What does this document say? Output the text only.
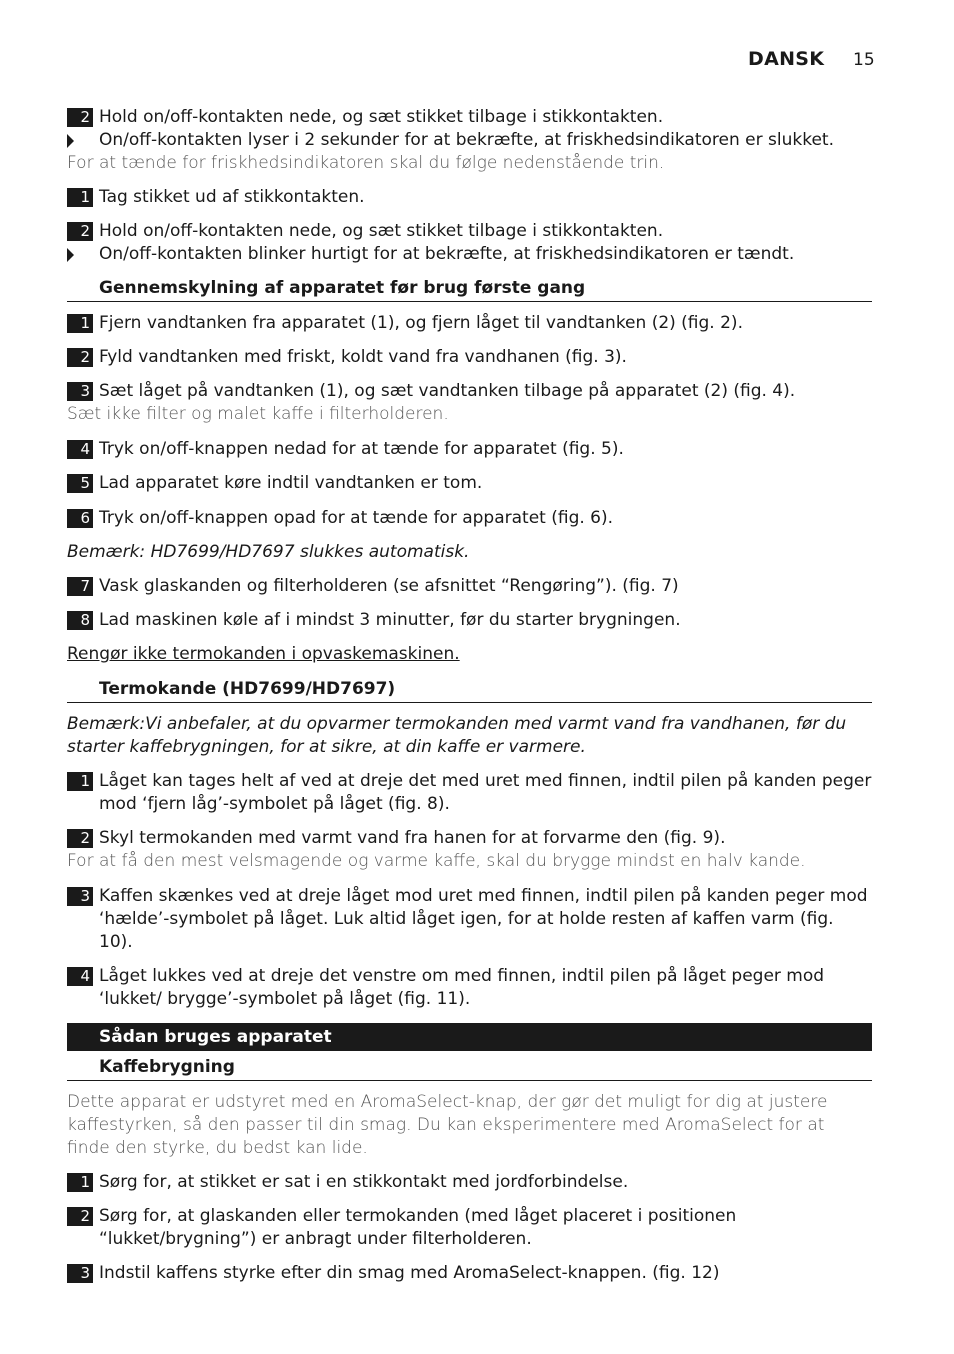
DANSK 15
2 Hold on/off-kontakten nede, og sæt stikket tilbage i stikkontakten.
On/off-kontakten lyser i 2 sekunder for at bekræfte, at friskhedsindikatoren er slukket.
For at tænde for friskhedsindikatoren skal du følge nedenstående trin.
1 Tag stikket ud af stikkontakten.
2 Hold on/off-kontakten nede, og sæt stikket tilbage i stikkontakten.
On/off-kontakten blinker hurtigt for at bekræfte, at friskhedsindikatoren er tændt.
Gennemskylning af apparatet før brug første gang
1 Fjern vandtanken fra apparatet (1), og fjern låget til vandtanken (2) (fig. 2).
2 Fyld vandtanken med friskt, koldt vand fra vandhanen (fig. 3).
3 Sæt låget på vandtanken (1), og sæt vandtanken tilbage på apparatet (2) (fig. 4).
Sæt ikke filter og malet kaffe i filterholderen.
4 Tryk on/off-knappen nedad for at tænde for apparatet (fig. 5).
5 Lad apparatet køre indtil vandtanken er tom.
6 Tryk on/off-knappen opad for at tænde for apparatet (fig. 6).
Bemærk: HD7699/HD7697 slukkes automatisk.
7 Vask glaskanden og filterholderen (se afsnittet “Rengøring”). (fig. 7)
8 Lad maskinen køle af i mindst 3 minutter, før du starter brygningen.
Rengør ikke termokanden i opvaskemaskinen.
Termokande (HD7699/HD7697)
Bemærk:Vi anbefaler, at du opvarmer termokanden med varmt vand fra vandhanen, før du starter kaffebrygningen, for at sikre, at din kaffe er varmere.
1 Låget kan tages helt af ved at dreje det med uret med finnen, indtil pilen på kanden peger mod ‘fjern låg’-symbolet på låget (fig. 8).
2 Skyl termokanden med varmt vand fra hanen for at forvarme den (fig. 9).
For at få den mest velsmagende og varme kaffe, skal du brygge mindst en halv kande.
3 Kaffen skænkes ved at dreje låget mod uret med finnen, indtil pilen på kanden peger mod ‘hælde’-symbolet på låget. Luk altid låget igen, for at holde resten af kaffen varm (fig. 10).
4 Låget lukkes ved at dreje det venstre om med finnen, indtil pilen på låget peger mod ‘lukket/ brygge’-symbolet på låget (fig. 11).
Sådan bruges apparatet
Kaffebrygning
Dette apparat er udstyret med en AromaSelect-knap, der gør det muligt for dig at justere kaffestyrken, så den passer til din smag. Du kan eksperimentere med AromaSelect for at finde den styrke, du bedst kan lide.
1 Sørg for, at stikket er sat i en stikkontakt med jordforbindelse.
2 Sørg for, at glaskanden eller termokanden (med låget placeret i positionen “lukket/brygning”) er anbragt under filterholderen.
3 Indstil kaffens styrke efter din smag med AromaSelect-knappen. (fig. 12)
